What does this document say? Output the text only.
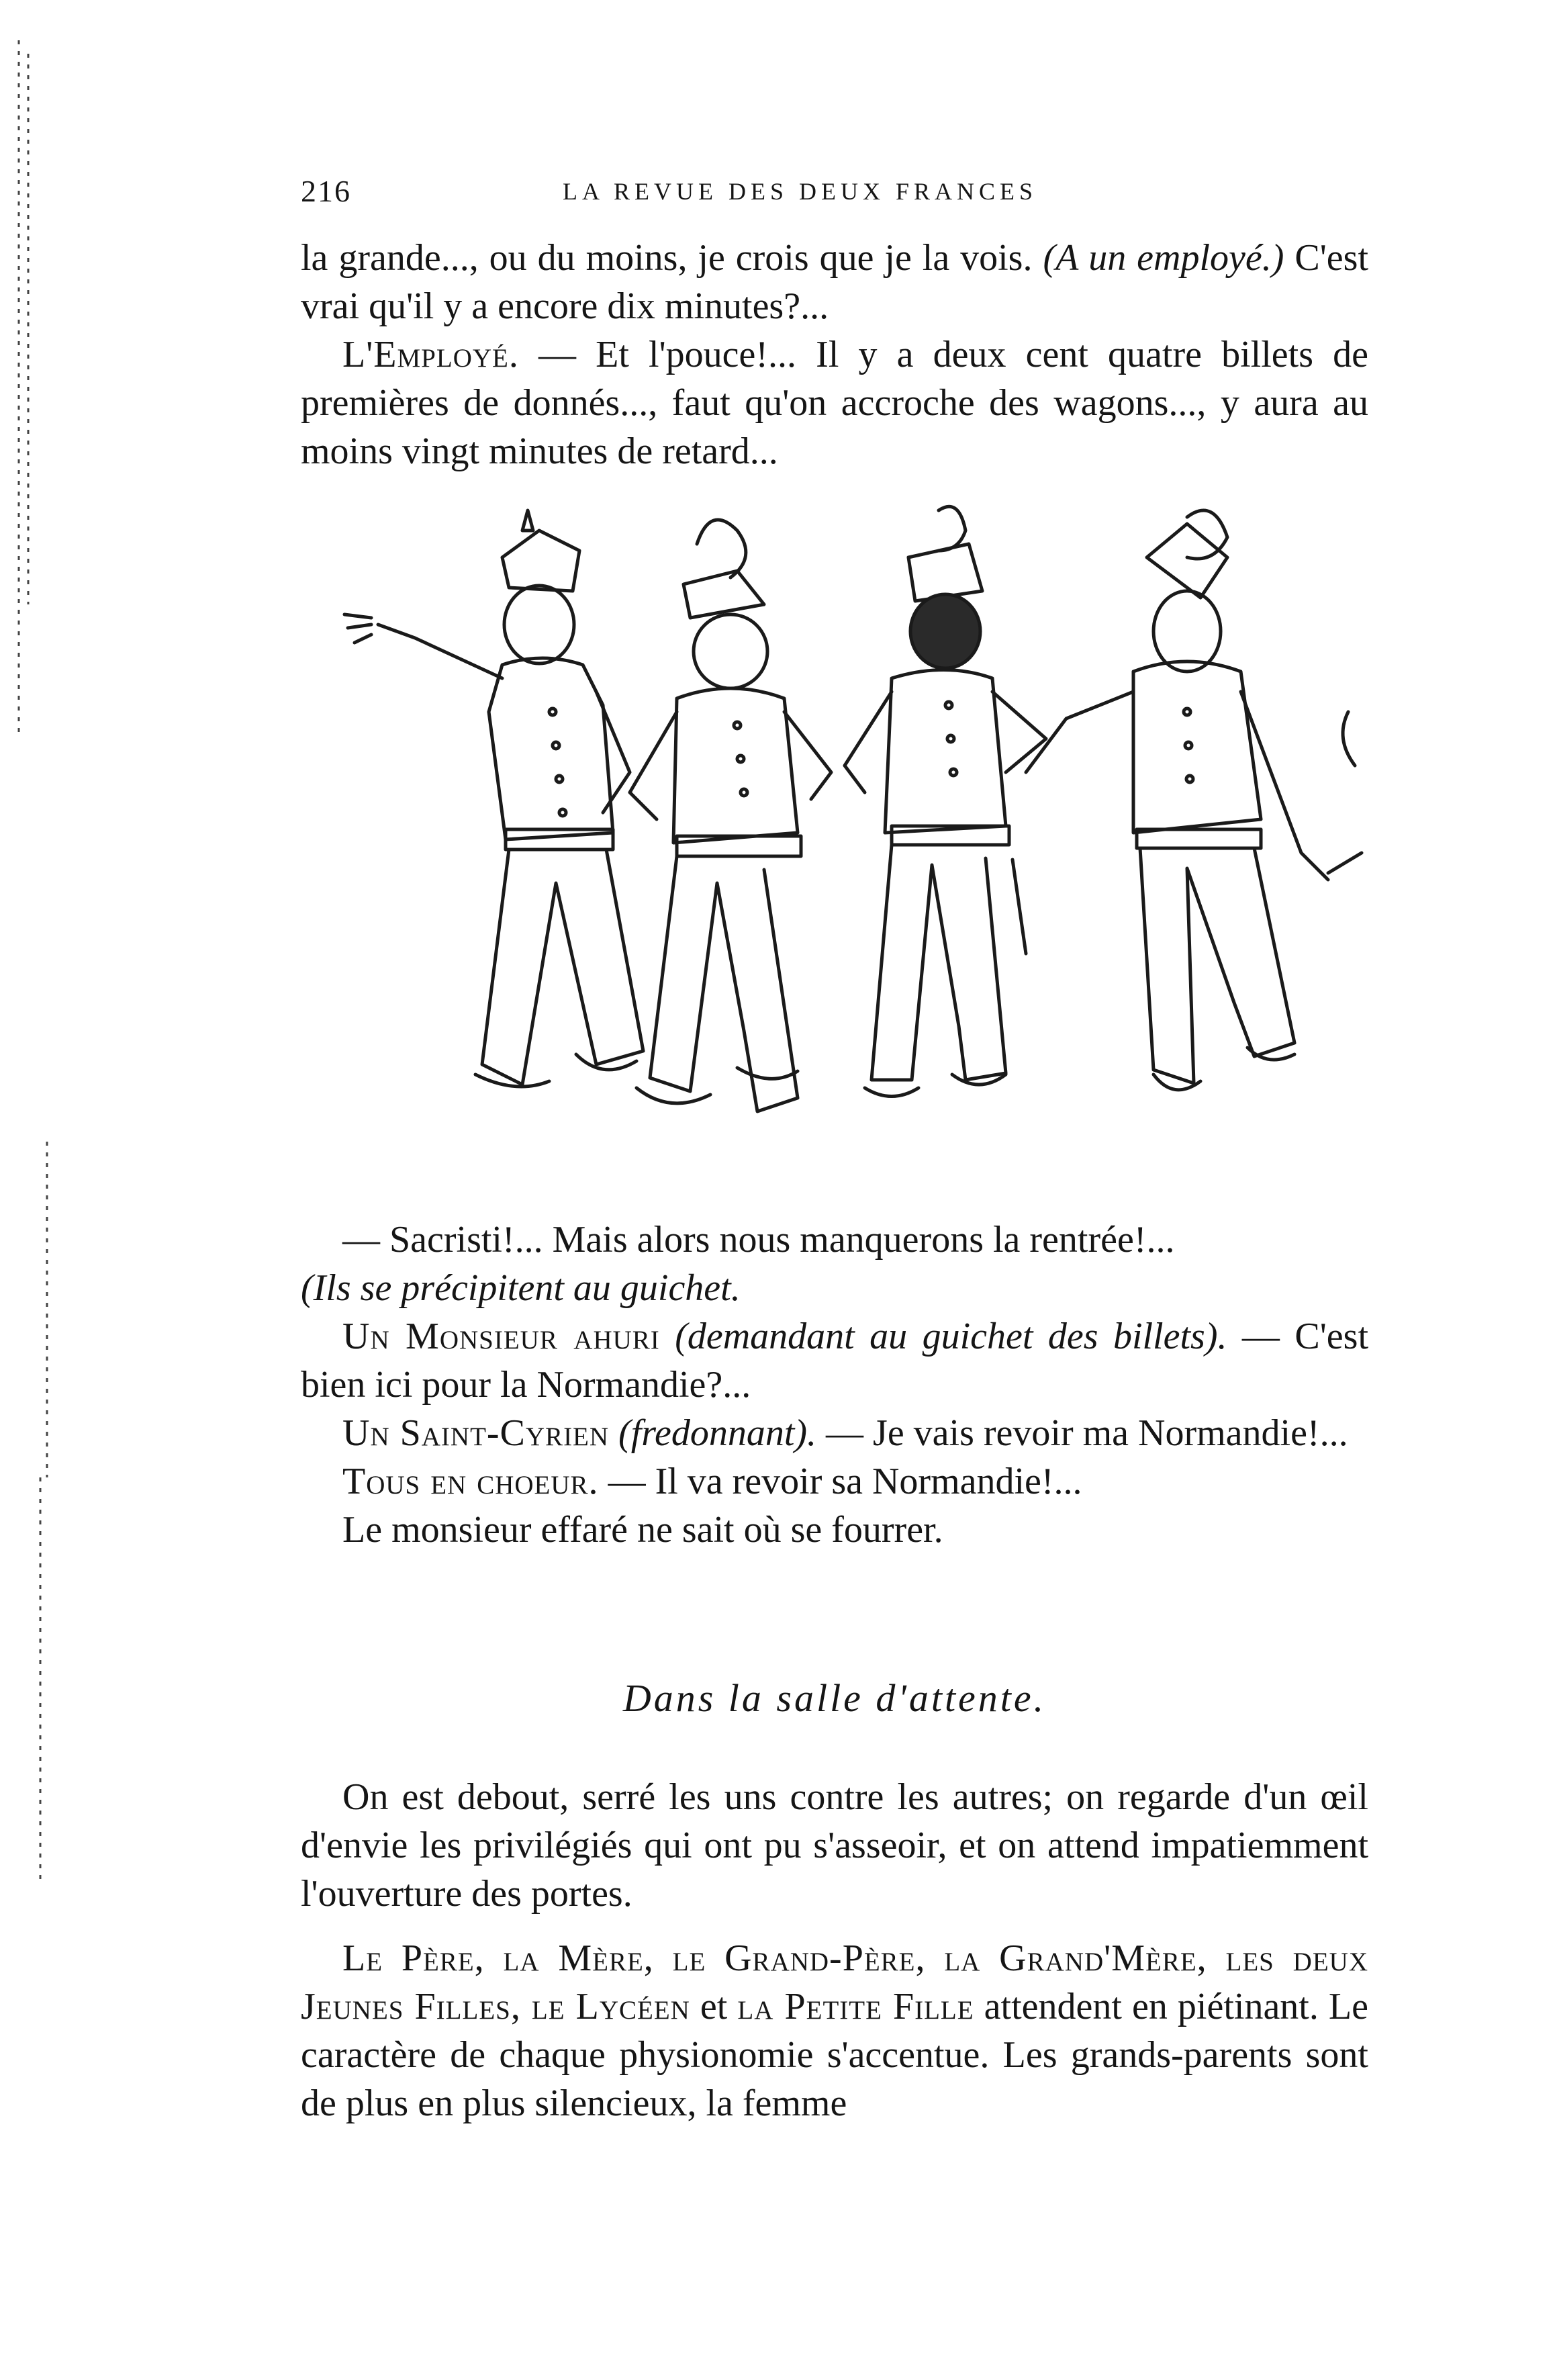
216	LA REVUE DES DEUX FRANCES

la grande..., ou du moins, je crois que je la vois. (A un employé.) C'est vrai qu'il y a encore dix minutes?...

L'Employé. — Et l'pouce!... Il y a deux cent quatre billets de premières de donnés..., faut qu'on accroche des wagons..., y aura au moins vingt minutes de retard...

— Sacristi!... Mais alors nous manquerons la rentrée!...

(Ils se précipitent au guichet.

Un Monsieur ahuri (demandant au guichet des billets). — C'est bien ici pour la Normandie?...

Un Saint-Cyrien (fredonnant). — Je vais revoir ma Normandie!...

Tous en choeur. — Il va revoir sa Normandie!...

Le monsieur effaré ne sait où se fourrer.

Dans la salle d'attente.

On est debout, serré les uns contre les autres; on regarde d'un œil d'envie les privilégiés qui ont pu s'asseoir, et on attend impatiemment l'ouverture des portes.

Le Père, la Mère, le Grand-Père, la Grand'Mère, les deux Jeunes Filles, le Lycéen et la Petite Fille attendent en piétinant. Le caractère de chaque physionomie s'accentue. Les grands-parents sont de plus en plus silencieux, la femme
